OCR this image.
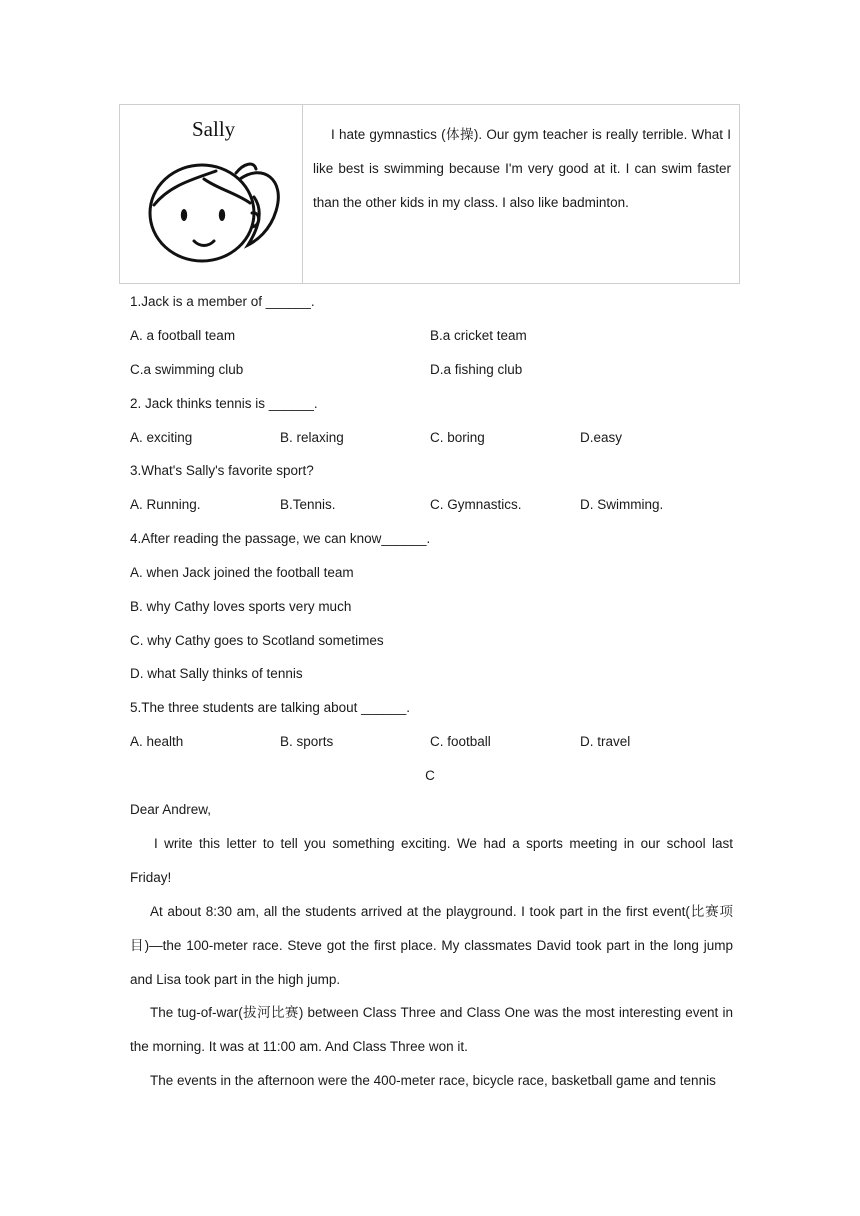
Sally	I hate gymnastics (体操). Our gym teacher is really terrible. What I like best is swimming because I'm very good at it. I can swim faster than the other kids in my class. I also like badminton.
1.Jack is a member of ______.
A. a football team	B.a cricket team
C.a swimming club	D.a fishing club
2. Jack thinks tennis is ______.
A. exciting	B. relaxing	C. boring	D.easy
3.What's Sally's favorite sport?
A. Running.	B.Tennis.	C. Gymnastics.	D. Swimming.
4.After reading the passage, we can know______.
A. when Jack joined the football team
B. why Cathy loves sports very much
C. why Cathy goes to Scotland sometimes
D. what Sally thinks of tennis
5.The three students are talking about ______.
A. health	B. sports	C. football	D. travel
C
Dear Andrew,
I write this letter to tell you something exciting. We had a sports meeting in our school last Friday!
At about 8:30 am, all the students arrived at the playground. I took part in the first event(比赛项目)—the 100-meter race. Steve got the first place. My classmates David took part in the long jump and Lisa took part in the high jump.
The tug-of-war(拔河比赛) between Class Three and Class One was the most interesting event in the morning. It was at 11:00 am. And Class Three won it.
The events in the afternoon were the 400-meter race, bicycle race, basketball game and tennis
